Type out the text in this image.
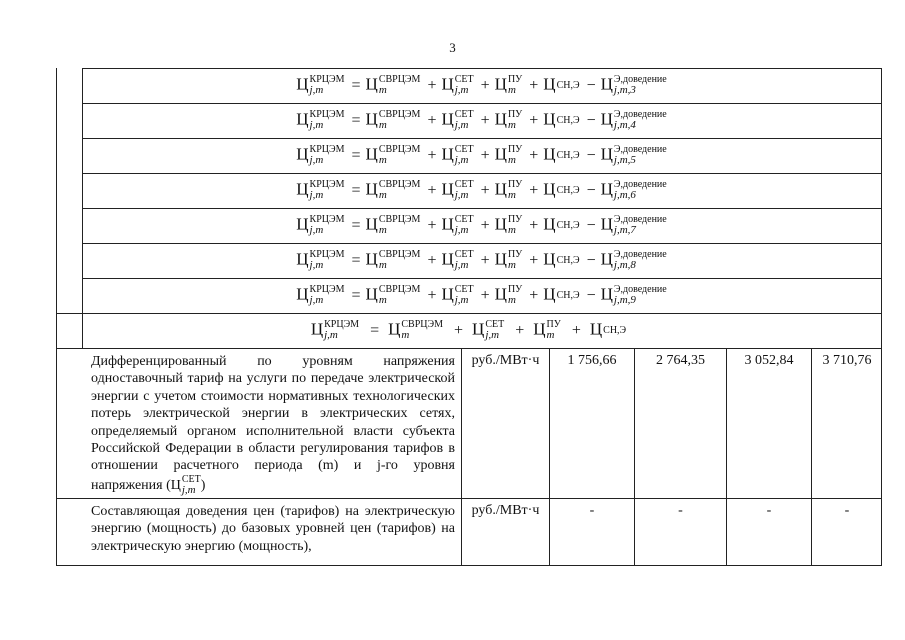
3
Ц КРЦЭМ
j,m	= Ц СВРЦЭМ
m	+ Ц СЕТ
j,m + Ц ПУ
m + Ц СН,Э − Ц Э,доведение
j,m,3
Ц КРЦЭМ
j,m	= Ц СВРЦЭМ
m	+ Ц СЕТ
j,m + Ц ПУ
m + Ц СН,Э − Ц Э,доведение
j,m,4
Ц КРЦЭМ
j,m	= Ц СВРЦЭМ
m	+ Ц СЕТ
j,m + Ц ПУ
m + Ц СН,Э − Ц Э,доведение
j,m,5
Ц КРЦЭМ
j,m	= Ц СВРЦЭМ
m	+ Ц СЕТ
j,m + Ц ПУ
m + Ц СН,Э − Ц Э,доведение
j,m,6
Ц КРЦЭМ
j,m	= Ц СВРЦЭМ
m	+ Ц СЕТ
j,m + Ц ПУ
m + Ц СН,Э − Ц Э,доведение
j,m,7
Ц КРЦЭМ
j,m	= Ц СВРЦЭМ
m	+ Ц СЕТ
j,m + Ц ПУ
m + Ц СН,Э − Ц Э,доведение
j,m,8
Ц КРЦЭМ
j,m	= Ц СВРЦЭМ
m	+ Ц СЕТ
j,m + Ц ПУ
m + Ц СН,Э − Ц Э,доведение
j,m,9
Ц КРЦЭМ
j,m	= Ц СВРЦЭМ
m	+ Ц СЕТ
j,m	+ Ц ПУ
m	+ Ц СН,Э
Дифференцированный по уровням напряжения одноставочный тариф на услуги по передаче электрической энергии с учетом стоимости нормативных технологических потерь электрической энергии в электрических сетях, определяемый органом исполнительной власти субъекта Российской Федерации в области регулирования тарифов в отношении расчетного периода (m) и j-го уровня напряжения (Ц СЕТ
j,m )
руб./МВт·ч	1 756,66	2 764,35	3 052,84	3 710,76
Составляющая доведения цен (тарифов) на электрическую энергию (мощность) до базовых уровней цен (тарифов) на электрическую энергию (мощность),
руб./МВт·ч	-	-	-	-
